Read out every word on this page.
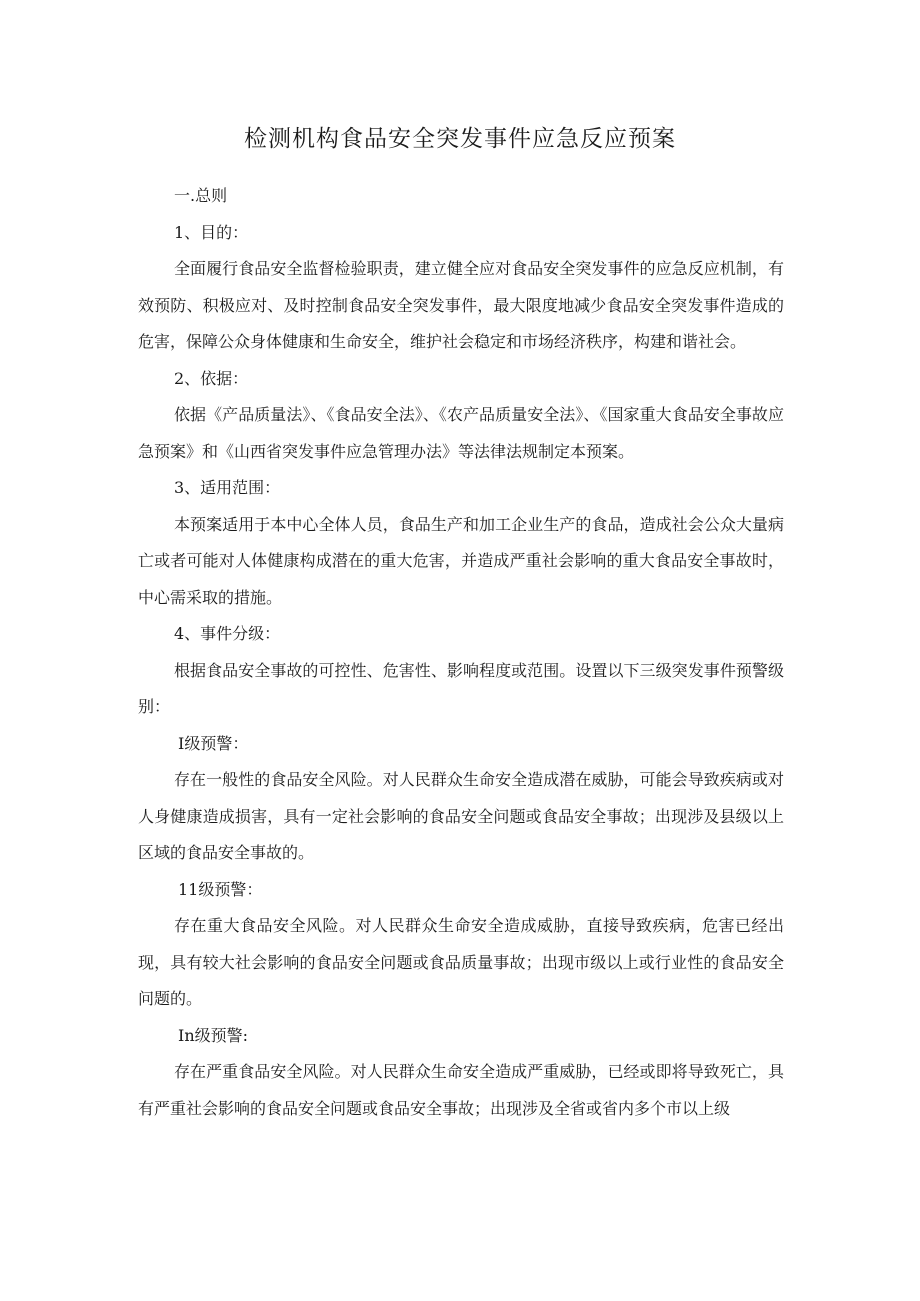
检测机构食品安全突发事件应急反应预案

一.总则

1、目的：

全面履行食品安全监督检验职责，建立健全应对食品安全突发事件的应急反应机制，有效预防、积极应对、及时控制食品安全突发事件，最大限度地减少食品安全突发事件造成的危害，保障公众身体健康和生命安全，维护社会稳定和市场经济秩序，构建和谐社会。

2、依据：

依据《产品质量法》、《食品安全法》、《农产品质量安全法》、《国家重大食品安全事故应急预案》和《山西省突发事件应急管理办法》等法律法规制定本预案。

3、适用范围：

本预案适用于本中心全体人员，食品生产和加工企业生产的食品，造成社会公众大量病亡或者可能对人体健康构成潜在的重大危害，并造成严重社会影响的重大食品安全事故时，中心需采取的措施。

4、事件分级：

根据食品安全事故的可控性、危害性、影响程度或范围。设置以下三级突发事件预警级别：

Ⅰ级预警：

存在一般性的食品安全风险。对人民群众生命安全造成潜在威胁，可能会导致疾病或对人身健康造成损害，具有一定社会影响的食品安全问题或食品安全事故；出现涉及县级以上区域的食品安全事故的。

11级预警：

存在重大食品安全风险。对人民群众生命安全造成威胁，直接导致疾病，危害已经出现，具有较大社会影响的食品安全问题或食品质量事故；出现市级以上或行业性的食品安全问题的。

In级预警:

存在严重食品安全风险。对人民群众生命安全造成严重威胁，已经或即将导致死亡，具有严重社会影响的食品安全问题或食品安全事故；出现涉及全省或省内多个市以上级
